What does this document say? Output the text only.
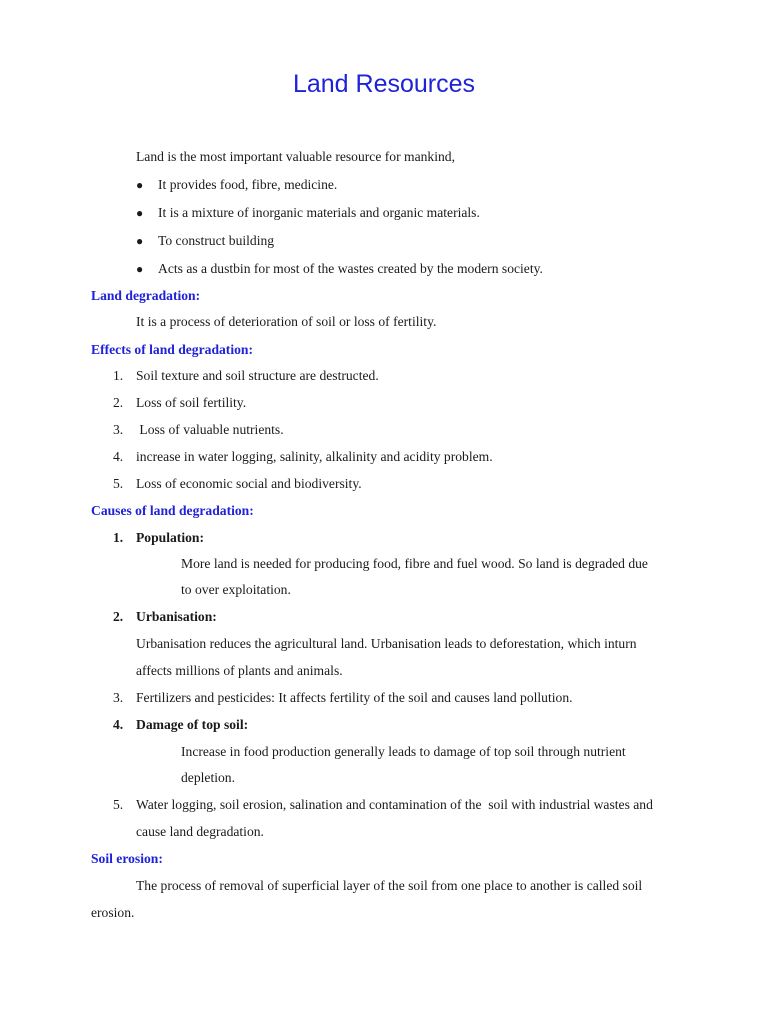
Land Resources
Land is the most important valuable resource for mankind,
● It provides food, fibre, medicine.
● It is a mixture of inorganic materials and organic materials.
● To construct building
● Acts as a dustbin for most of the wastes created by the modern society.
Land degradation:
It is a process of deterioration of soil or loss of fertility.
Effects of land degradation:
1. Soil texture and soil structure are destructed.
2. Loss of soil fertility.
3. Loss of valuable nutrients.
4. increase in water logging, salinity, alkalinity and acidity problem.
5. Loss of economic social and biodiversity.
Causes of land degradation:
1. Population:
More land is needed for producing food, fibre and fuel wood. So land is degraded due
to over exploitation.
2. Urbanisation:
Urbanisation reduces the agricultural land. Urbanisation leads to deforestation, which inturn
affects millions of plants and animals.
3. Fertilizers and pesticides: It affects fertility of the soil and causes land pollution.
4. Damage of top soil:
Increase in food production generally leads to damage of top soil through nutrient
depletion.
5. Water logging, soil erosion, salination and contamination of the  soil with industrial wastes and
cause land degradation.
Soil erosion:
The process of removal of superficial layer of the soil from one place to another is called soil
erosion.
